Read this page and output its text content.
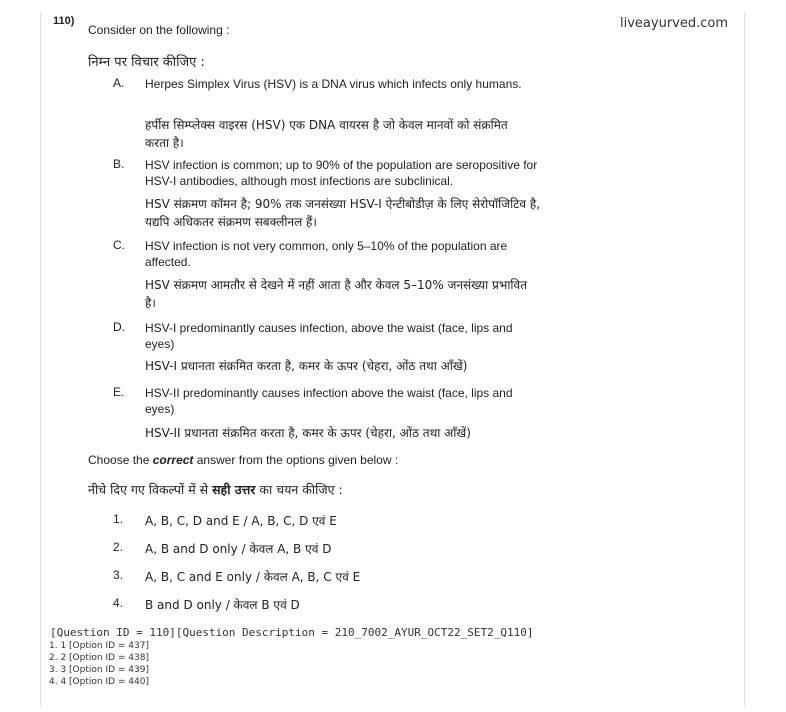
110)
Consider on the following :	liveayurved.com
निम्न पर विचार कीजिए :
A. Herpes Simplex Virus (HSV) is a DNA virus which infects only humans.
हर्पीस सिम्प्लेक्स वाइरस (HSV) एक DNA वायरस है जो केवल मानवों को संक्रमित करता है।
B. HSV infection is common; up to 90% of the population are seropositive for HSV-I antibodies, although most infections are subclinical.
HSV संक्रमण कॉमन है; 90% तक जनसंख्या HSV-I ऐन्टीबोडीज़ के लिए सेरोपॉजिटिव है, यद्यपि अधिकतर संक्रमण सबक्लीनल हैं।
C. HSV infection is not very common, only 5–10% of the population are affected.
HSV संक्रमण आमतौर से देखने में नहीं आता है और केवल 5–10% जनसंख्या प्रभावित है।
D. HSV-I predominantly causes infection, above the waist (face, lips and eyes)
HSV-I प्रधानता संक्रमित करता है, कमर के ऊपर (चेहरा, ओंठ तथा आँखें)
E. HSV-II predominantly causes infection above the waist (face, lips and eyes)
HSV-II प्रधानता संक्रमित करता है, कमर के ऊपर (चेहरा, ओंठ तथा आँखें)
Choose the correct answer from the options given below :
नीचे दिए गए विकल्पों में से सही उत्तर का चयन कीजिए :
1. A, B, C, D and E / A, B, C, D एवं E
2. A, B and D only / केवल A, B एवं D
3. A, B, C and E only / केवल A, B, C एवं E
4. B and D only / केवल B एवं D
[Question ID = 110][Question Description = 210_7002_AYUR_OCT22_SET2_Q110]
1. 1 [Option ID = 437]
2. 2 [Option ID = 438]
3. 3 [Option ID = 439]
4. 4 [Option ID = 440]
